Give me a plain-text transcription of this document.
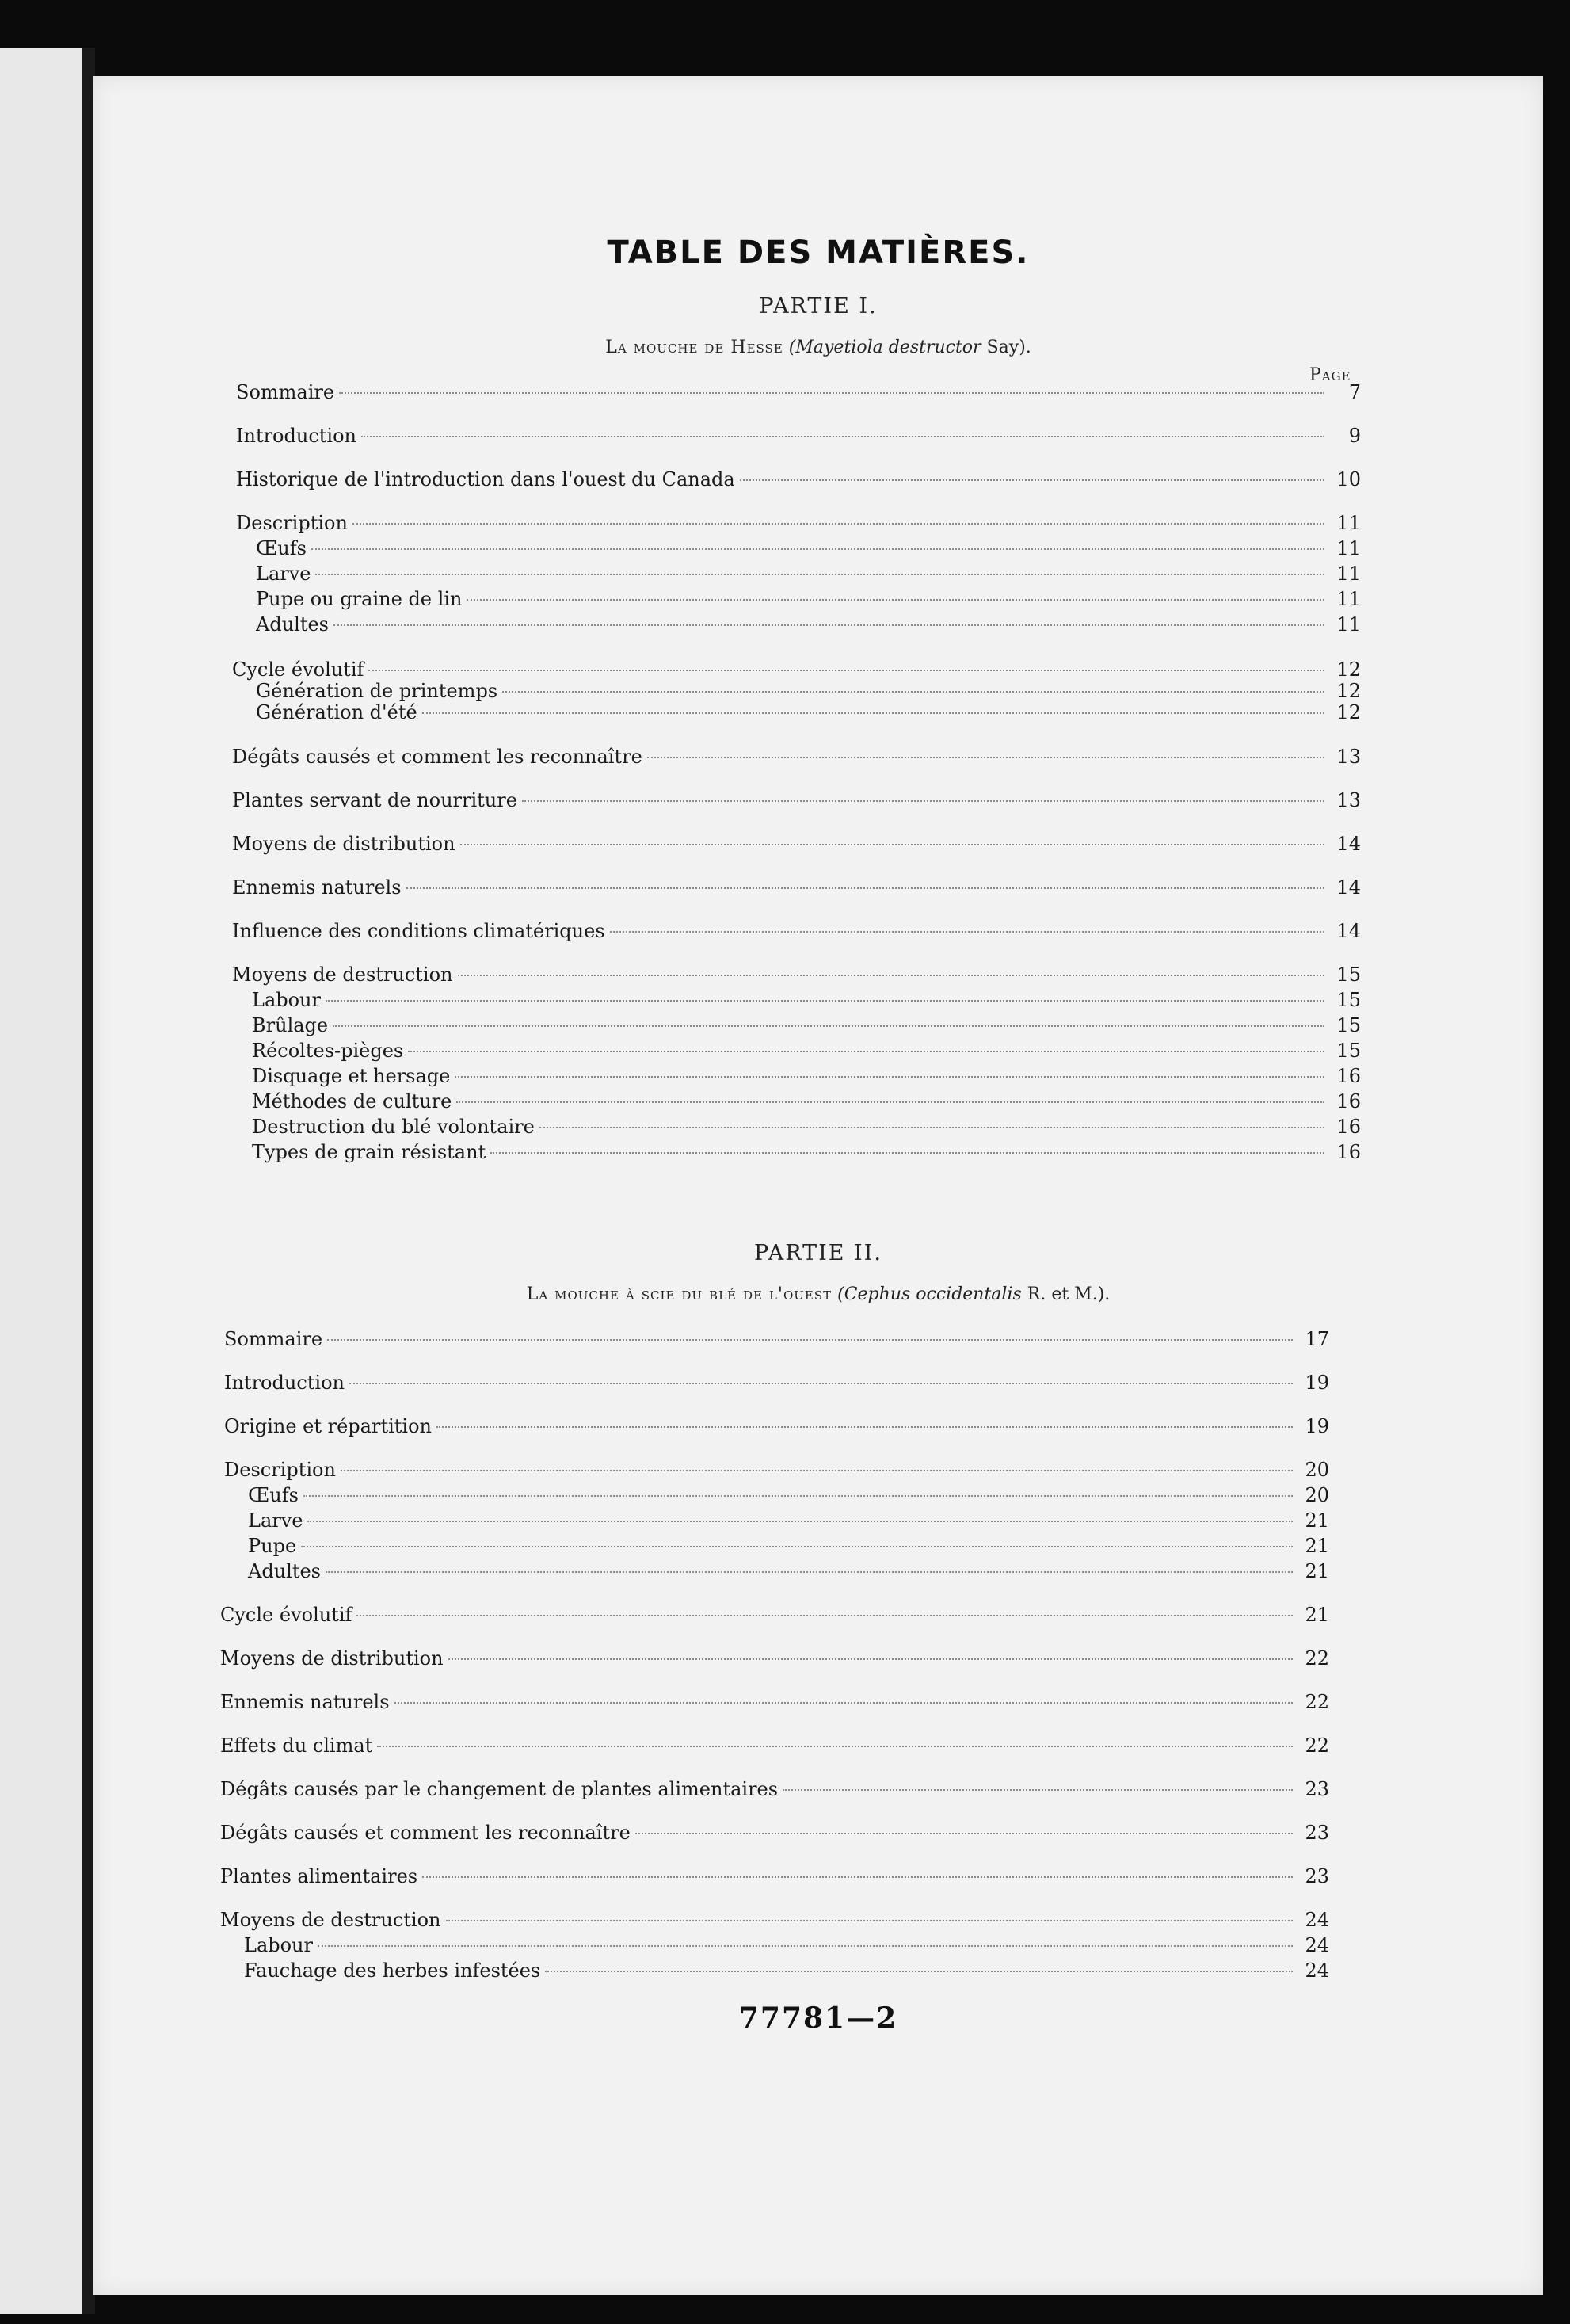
TABLE DES MATIÈRES.
PARTIE I.
La mouche de Hesse (Mayetiola destructor Say).
Page
Sommaire	7
Introduction	9
Historique de l'introduction dans l'ouest du Canada	10
Description	11
Œufs	11
Larve	11
Pupe ou graine de lin	11
Adultes	11
Cycle évolutif	12
Génération de printemps	12
Génération d'été	12
Dégâts causés et comment les reconnaître	13
Plantes servant de nourriture	13
Moyens de distribution	14
Ennemis naturels	14
Influence des conditions climatériques	14
Moyens de destruction	15
Labour	15
Brûlage	15
Récoltes-pièges	15
Disquage et hersage	16
Méthodes de culture	16
Destruction du blé volontaire	16
Types de grain résistant	16
PARTIE II.
La mouche à scie du blé de l'ouest (Cephus occidentalis R. et M.).
Sommaire	17
Introduction	19
Origine et répartition	19
Description	20
Œufs	20
Larve	21
Pupe	21
Adultes	21
Cycle évolutif	21
Moyens de distribution	22
Ennemis naturels	22
Effets du climat	22
Dégâts causés par le changement de plantes alimentaires	23
Dégâts causés et comment les reconnaître	23
Plantes alimentaires	23
Moyens de destruction	24
Labour	24
Fauchage des herbes infestées	24
77781—2
